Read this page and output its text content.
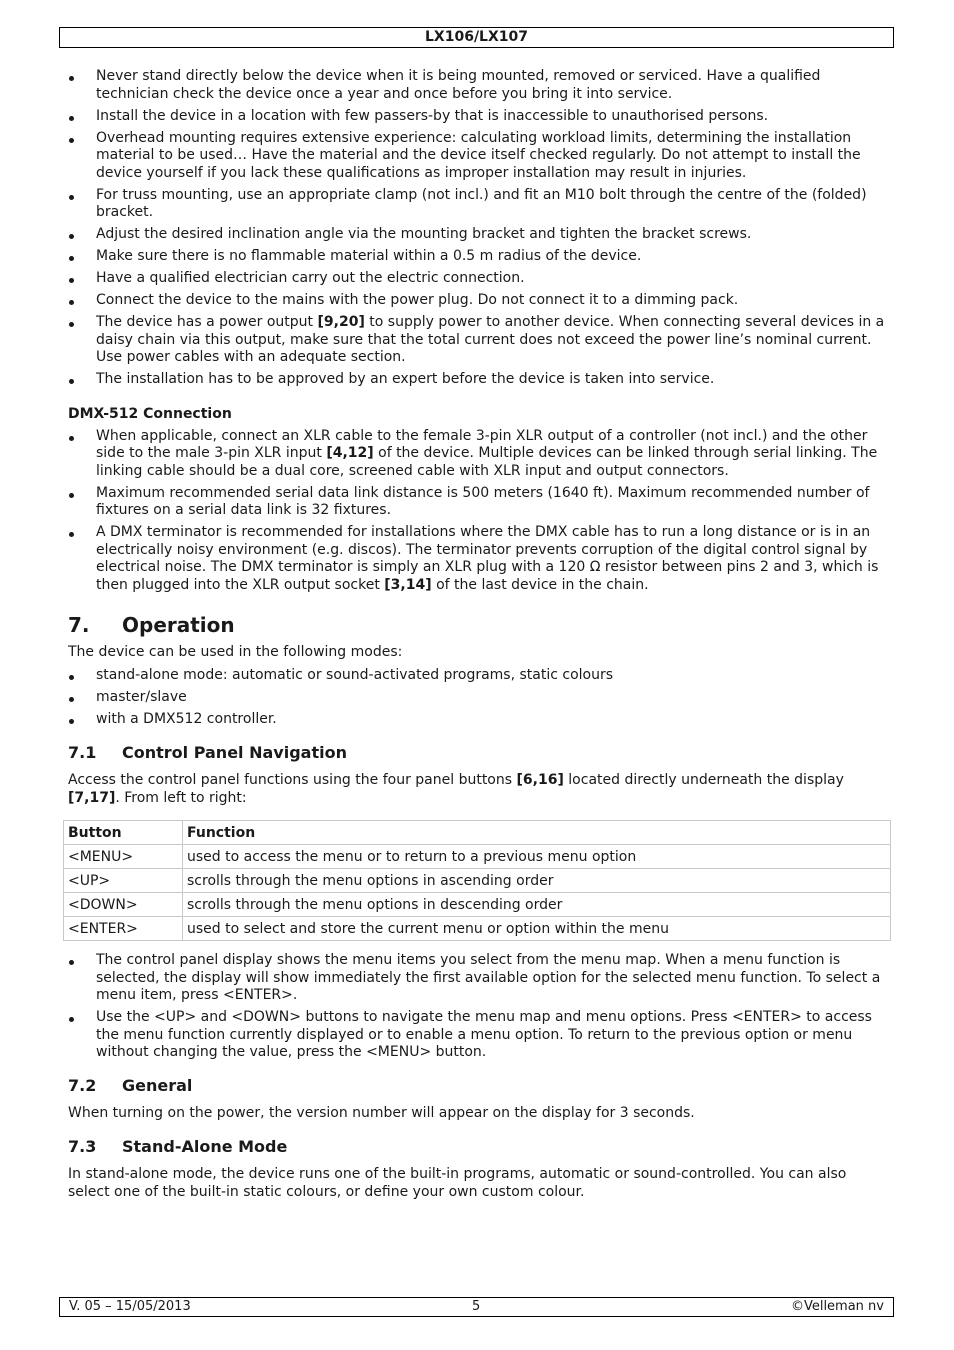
LX106/LX107
Never stand directly below the device when it is being mounted, removed or serviced. Have a qualified technician check the device once a year and once before you bring it into service.
Install the device in a location with few passers-by that is inaccessible to unauthorised persons.
Overhead mounting requires extensive experience: calculating workload limits, determining the installation material to be used… Have the material and the device itself checked regularly. Do not attempt to install the device yourself if you lack these qualifications as improper installation may result in injuries.
For truss mounting, use an appropriate clamp (not incl.) and fit an M10 bolt through the centre of the (folded) bracket.
Adjust the desired inclination angle via the mounting bracket and tighten the bracket screws.
Make sure there is no flammable material within a 0.5 m radius of the device.
Have a qualified electrician carry out the electric connection.
Connect the device to the mains with the power plug. Do not connect it to a dimming pack.
The device has a power output [9,20] to supply power to another device. When connecting several devices in a daisy chain via this output, make sure that the total current does not exceed the power line’s nominal current. Use power cables with an adequate section.
The installation has to be approved by an expert before the device is taken into service.
DMX-512 Connection
When applicable, connect an XLR cable to the female 3-pin XLR output of a controller (not incl.) and the other side to the male 3-pin XLR input [4,12] of the device. Multiple devices can be linked through serial linking. The linking cable should be a dual core, screened cable with XLR input and output connectors.
Maximum recommended serial data link distance is 500 meters (1640 ft). Maximum recommended number of fixtures on a serial data link is 32 fixtures.
A DMX terminator is recommended for installations where the DMX cable has to run a long distance or is in an electrically noisy environment (e.g. discos). The terminator prevents corruption of the digital control signal by electrical noise. The DMX terminator is simply an XLR plug with a 120 Ω resistor between pins 2 and 3, which is then plugged into the XLR output socket [3,14] of the last device in the chain.
7. Operation

The device can be used in the following modes:

stand-alone mode: automatic or sound-activated programs, static colours
master/slave
with a DMX512 controller.
7.1 Control Panel Navigation

Access the control panel functions using the four panel buttons [6,16] located directly underneath the display [7,17]. From left to right:

Button	Function
<MENU>	used to access the menu or to return to a previous menu option
<UP>	scrolls through the menu options in ascending order
<DOWN>	scrolls through the menu options in descending order
<ENTER>	used to select and store the current menu or option within the menu
The control panel display shows the menu items you select from the menu map. When a menu function is selected, the display will show immediately the first available option for the selected menu function. To select a menu item, press <ENTER>.
Use the <UP> and <DOWN> buttons to navigate the menu map and menu options. Press <ENTER> to access the menu function currently displayed or to enable a menu option. To return to the previous option or menu without changing the value, press the <MENU> button.
7.2 General

When turning on the power, the version number will appear on the display for 3 seconds.

7.3 Stand-Alone Mode

In stand-alone mode, the device runs one of the built-in programs, automatic or sound-controlled. You can also select one of the built-in static colours, or define your own custom colour.

V. 05 – 15/05/2013	5	©Velleman nv
